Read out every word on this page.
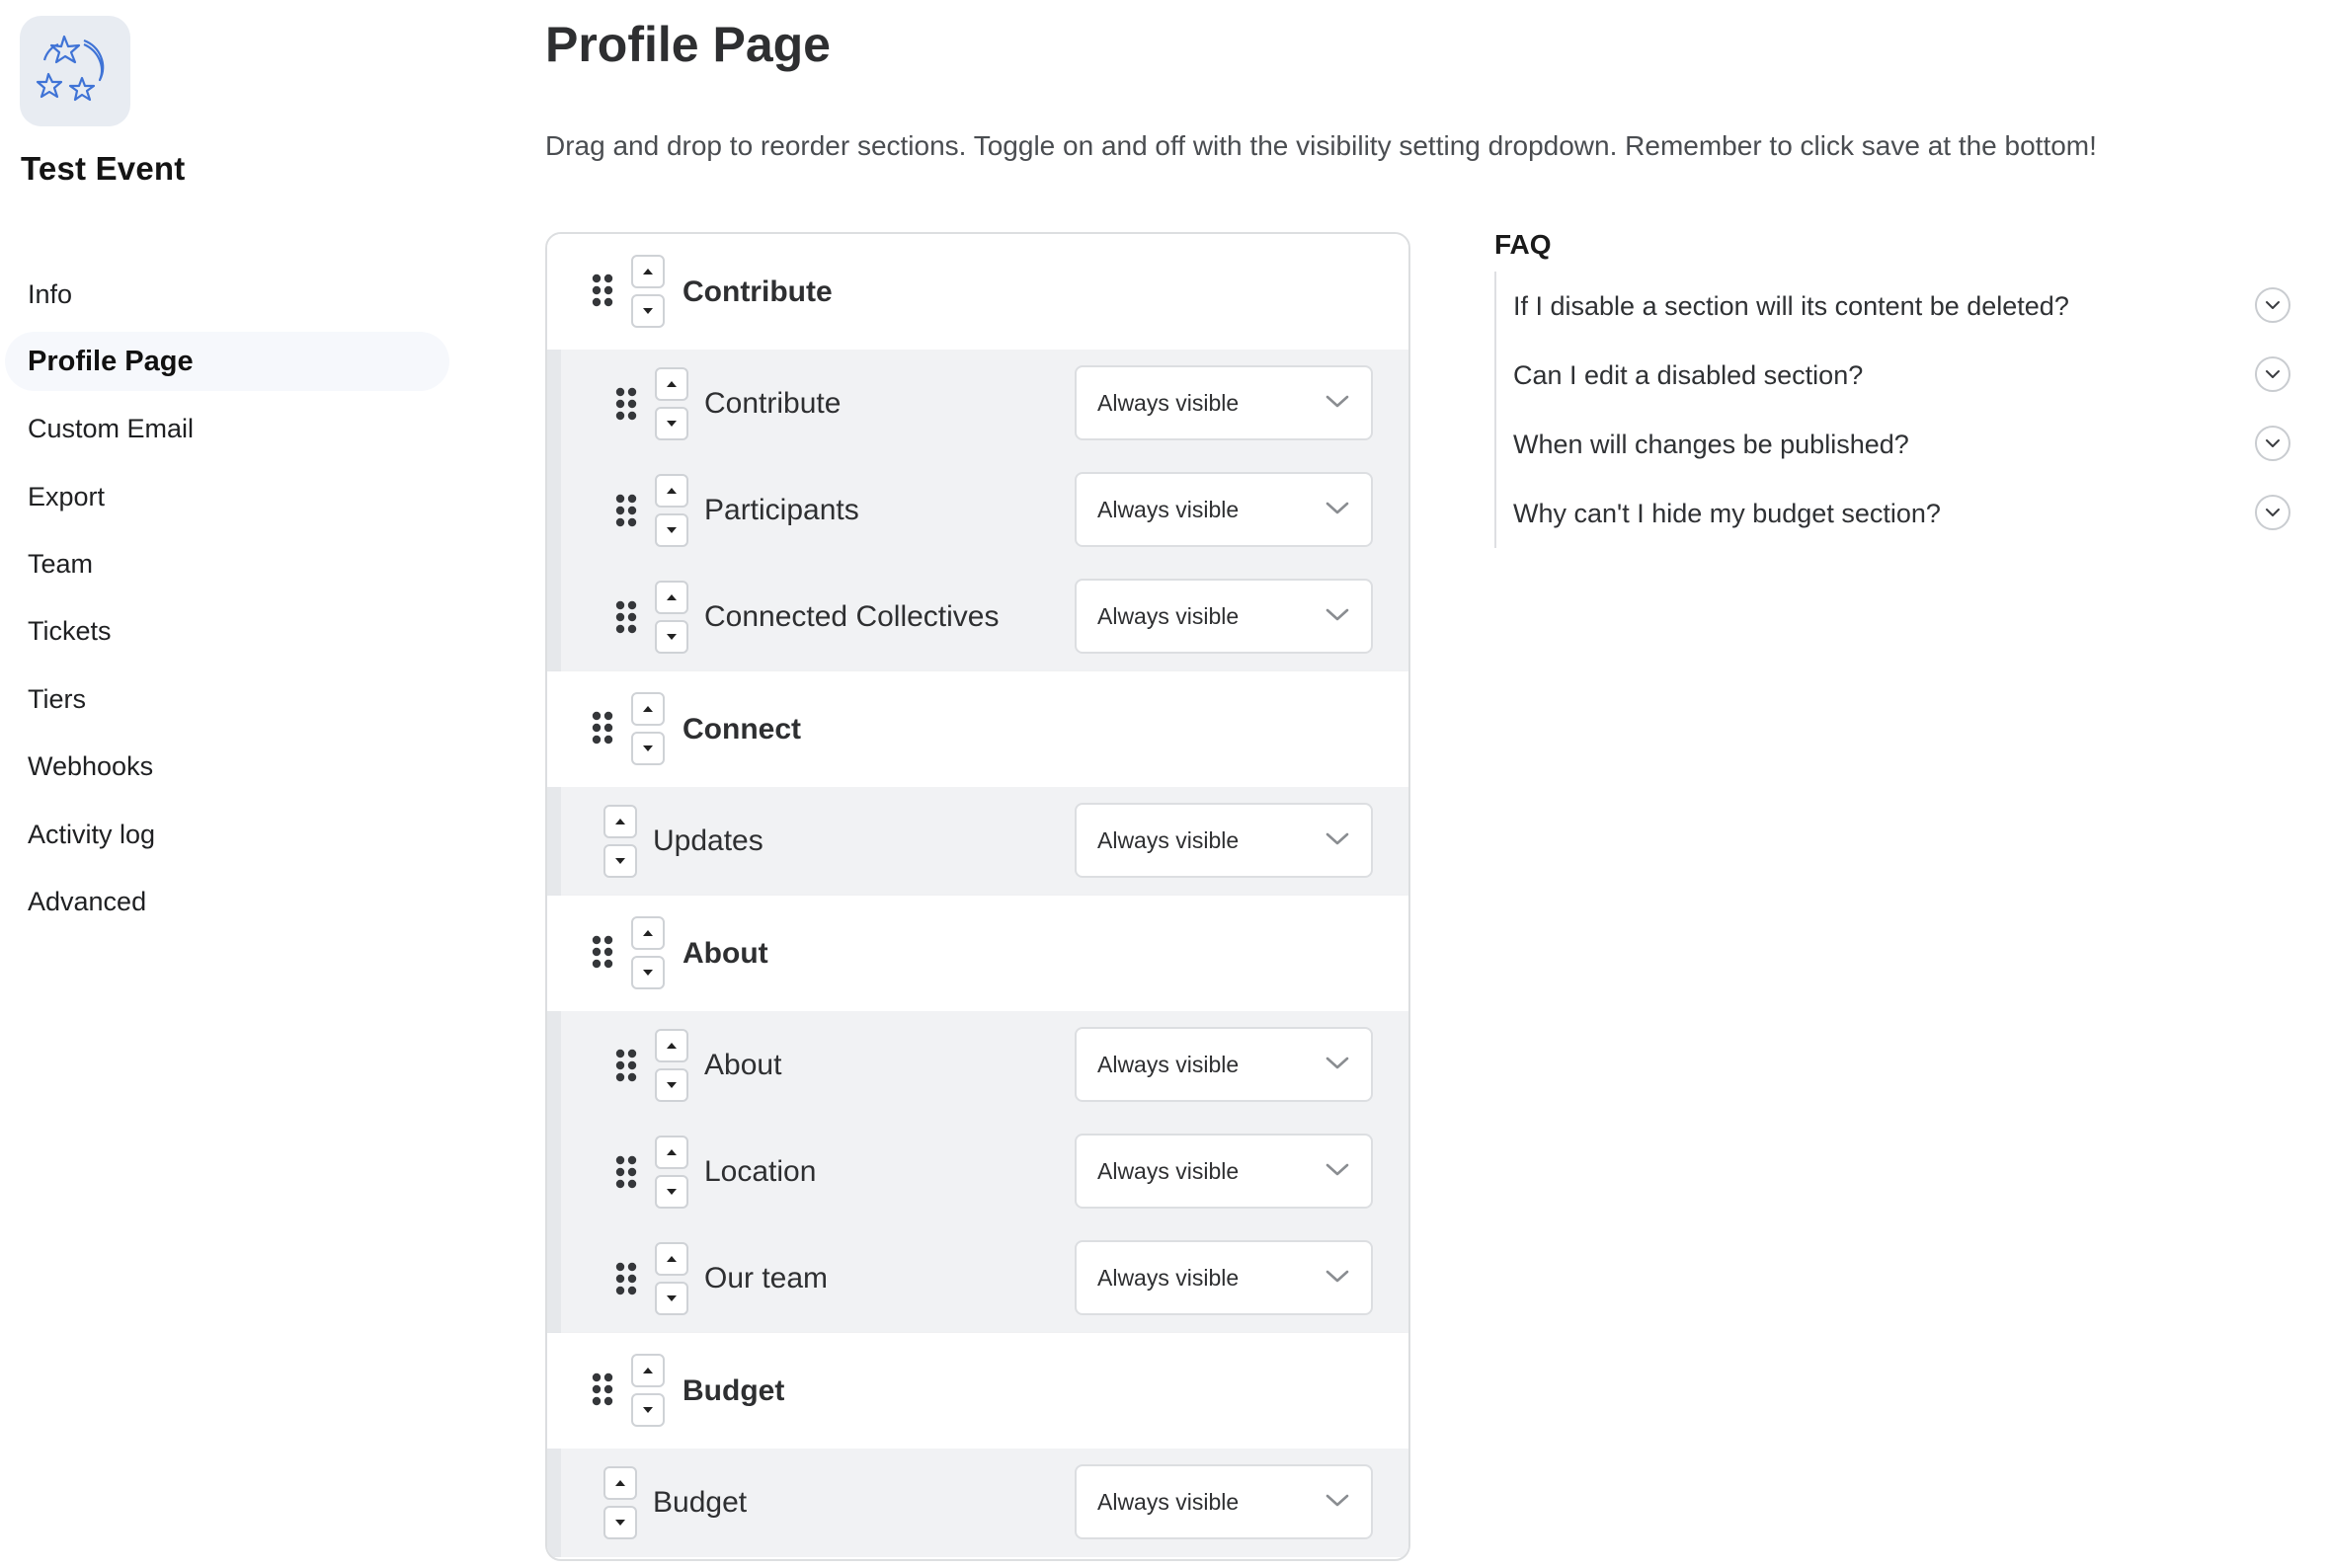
Test Event
Info
Profile Page
Custom Email
Export
Team
Tickets
Tiers
Webhooks
Activity log
Advanced
Profile Page

Drag and drop to reorder sections. Toggle on and off with the visibility setting dropdown. Remember to click save at the bottom!

Contribute
Contribute	Always visible
Participants	Always visible
Connected Collectives	Always visible
Connect
Updates	Always visible
About
About	Always visible
Location	Always visible
Our team	Always visible
Budget
Budget	Always visible
FAQ
If I disable a section will its content be deleted?
Can I edit a disabled section?
When will changes be published?
Why can't I hide my budget section?
